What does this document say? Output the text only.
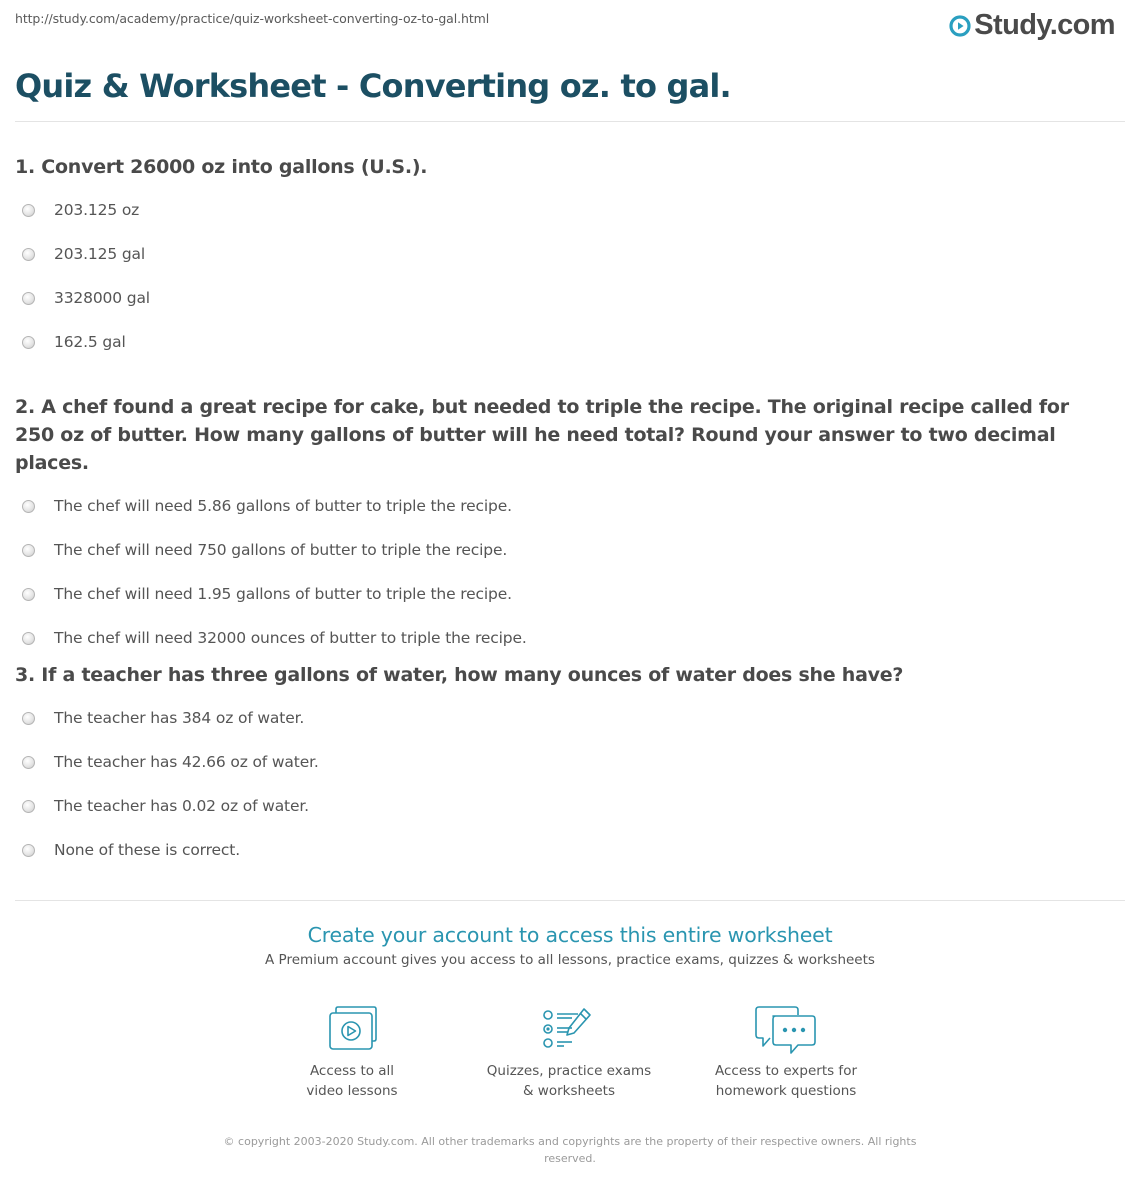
http://study.com/academy/practice/quiz-worksheet-converting-oz-to-gal.html	Study.com
Quiz & Worksheet - Converting oz. to gal.

1. Convert 26000 oz into gallons (U.S.).

203.125 oz
203.125 gal
3328000 gal
162.5 gal

2. A chef found a great recipe for cake, but needed to triple the recipe. The original recipe called for 250 oz of butter. How many gallons of butter will he need total? Round your answer to two decimal places.

The chef will need 5.86 gallons of butter to triple the recipe.
The chef will need 750 gallons of butter to triple the recipe.
The chef will need 1.95 gallons of butter to triple the recipe.
The chef will need 32000 ounces of butter to triple the recipe.

3. If a teacher has three gallons of water, how many ounces of water does she have?

The teacher has 384 oz of water.
The teacher has 42.66 oz of water.
The teacher has 0.02 oz of water.
None of these is correct.
Create your account to access this entire worksheet
A Premium account gives you access to all lessons, practice exams, quizzes & worksheets
Access to all
video lessons
Quizzes, practice exams
& worksheets
Access to experts for
homework questions
© copyright 2003-2020 Study.com. All other trademarks and copyrights are the property of their respective owners. All rights reserved.
